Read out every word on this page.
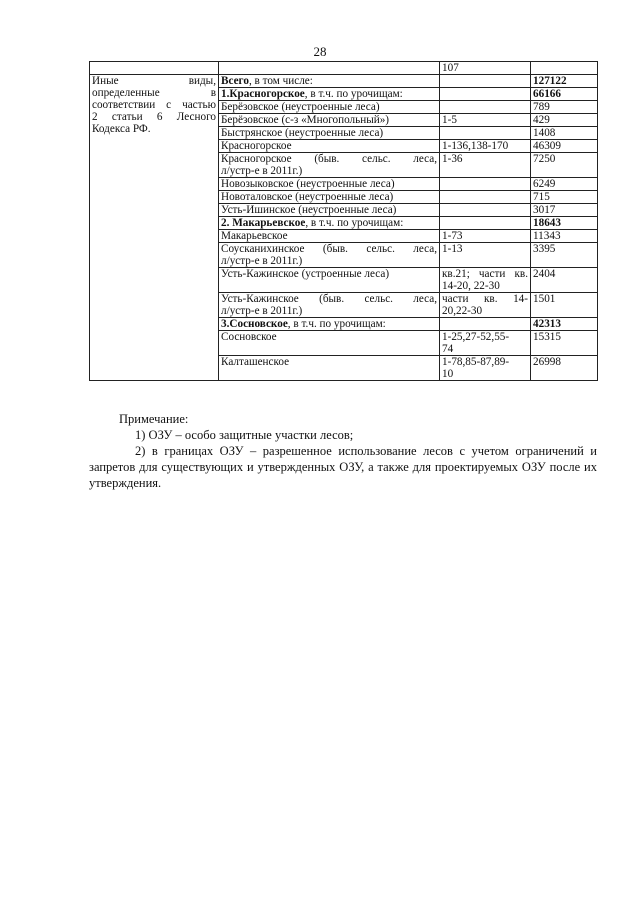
28
		107	

Иные виды,
определенные в
соответствии с частью
2 статьи 6 Лесного
Кодекса РФ.	Всего, в том числе:		127122
	1.Красногорское, в т.ч. по урочищам:		66166
	Берёзовское (неустроенные леса)		789
	Берёзовское (с-з «Многопольный»)	1-5	429
	Быстрянское (неустроенные леса)		1408
	Красногорское	1-136,138-170	46309

	Красногорское (быв. сельс. леса,
л/устр-е в 2011г.)	1-36	7250
	Новозыковское (неустроенные леса)		6249
	Новоталовское (неустроенные леса)		715
	Усть-Ишинское (неустроенные леса)		3017
	2. Макарьевское, в т.ч. по урочищам:		18643
	Макарьевское	1-73	11343

	Соусканихинское (быв. сельс. леса,
л/устр-е в 2011г.)	1-13	3395
	Усть-Кажинское (устроенные леса)	кв.21; части кв.
14-20, 22-30	2404

	Усть-Кажинское (быв. сельс. леса,
л/устр-е в 2011г.)	части кв. 14-
20,22-30	1501
	3.Сосновское, в т.ч. по урочищам:		42313
	Сосновское	1-25,27-52,55-
74	15315
	Калташенское	1-78,85-87,89-
10	26998
Примечание:
1) ОЗУ – особо защитные участки лесов;
2) в границах ОЗУ – разрешенное использование лесов с учетом ограничений и запретов для существующих и утвержденных ОЗУ, а также для проектируемых ОЗУ после их утверждения.
